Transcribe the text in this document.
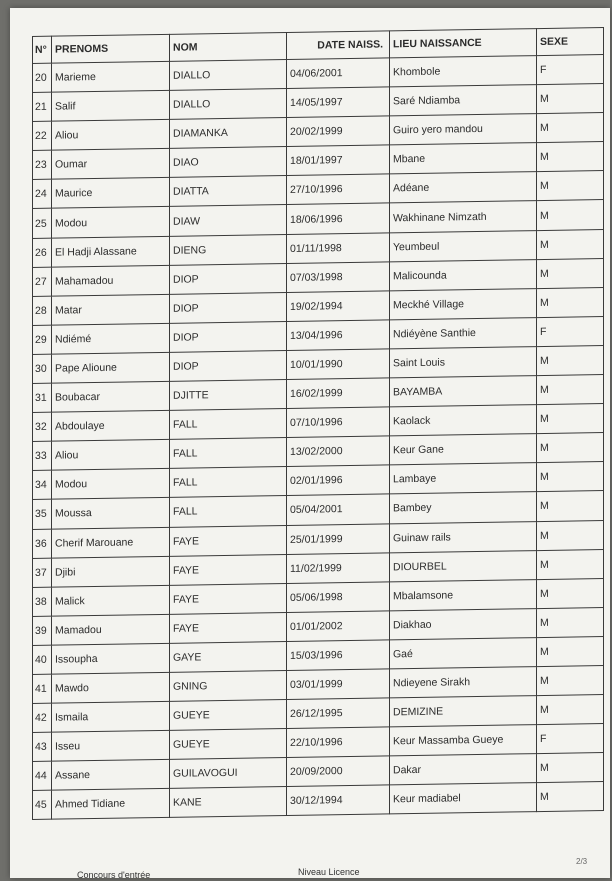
N°	PRENOMS	NOM	DATE NAISS.	LIEU NAISSANCE	SEXE
20	Marieme	DIALLO	04/06/2001	Khombole	F
21	Salif	DIALLO	14/05/1997	Saré Ndiamba	M
22	Aliou	DIAMANKA	20/02/1999	Guiro yero mandou	M
23	Oumar	DIAO	18/01/1997	Mbane	M
24	Maurice	DIATTA	27/10/1996	Adéane	M
25	Modou	DIAW	18/06/1996	Wakhinane Nimzath	M
26	El Hadji Alassane	DIENG	01/11/1998	Yeumbeul	M
27	Mahamadou	DIOP	07/03/1998	Malicounda	M
28	Matar	DIOP	19/02/1994	Meckhé Village	M
29	Ndiémé	DIOP	13/04/1996	Ndiéyène Santhie	F
30	Pape Alioune	DIOP	10/01/1990	Saint Louis	M
31	Boubacar	DJITTE	16/02/1999	BAYAMBA	M
32	Abdoulaye	FALL	07/10/1996	Kaolack	M
33	Aliou	FALL	13/02/2000	Keur Gane	M
34	Modou	FALL	02/01/1996	Lambaye	M
35	Moussa	FALL	05/04/2001	Bambey	M
36	Cherif Marouane	FAYE	25/01/1999	Guinaw rails	M
37	Djibi	FAYE	11/02/1999	DIOURBEL	M
38	Malick	FAYE	05/06/1998	Mbalamsone	M
39	Mamadou	FAYE	01/01/2002	Diakhao	M
40	Issoupha	GAYE	15/03/1996	Gaé	M
41	Mawdo	GNING	03/01/1999	Ndieyene Sirakh	M
42	Ismaila	GUEYE	26/12/1995	DEMIZINE	M
43	Isseu	GUEYE	22/10/1996	Keur Massamba Gueye	F
44	Assane	GUILAVOGUI	20/09/2000	Dakar	M
45	Ahmed Tidiane	KANE	30/12/1994	Keur madiabel	M
Concours d'entrée	Niveau Licence
2/3
